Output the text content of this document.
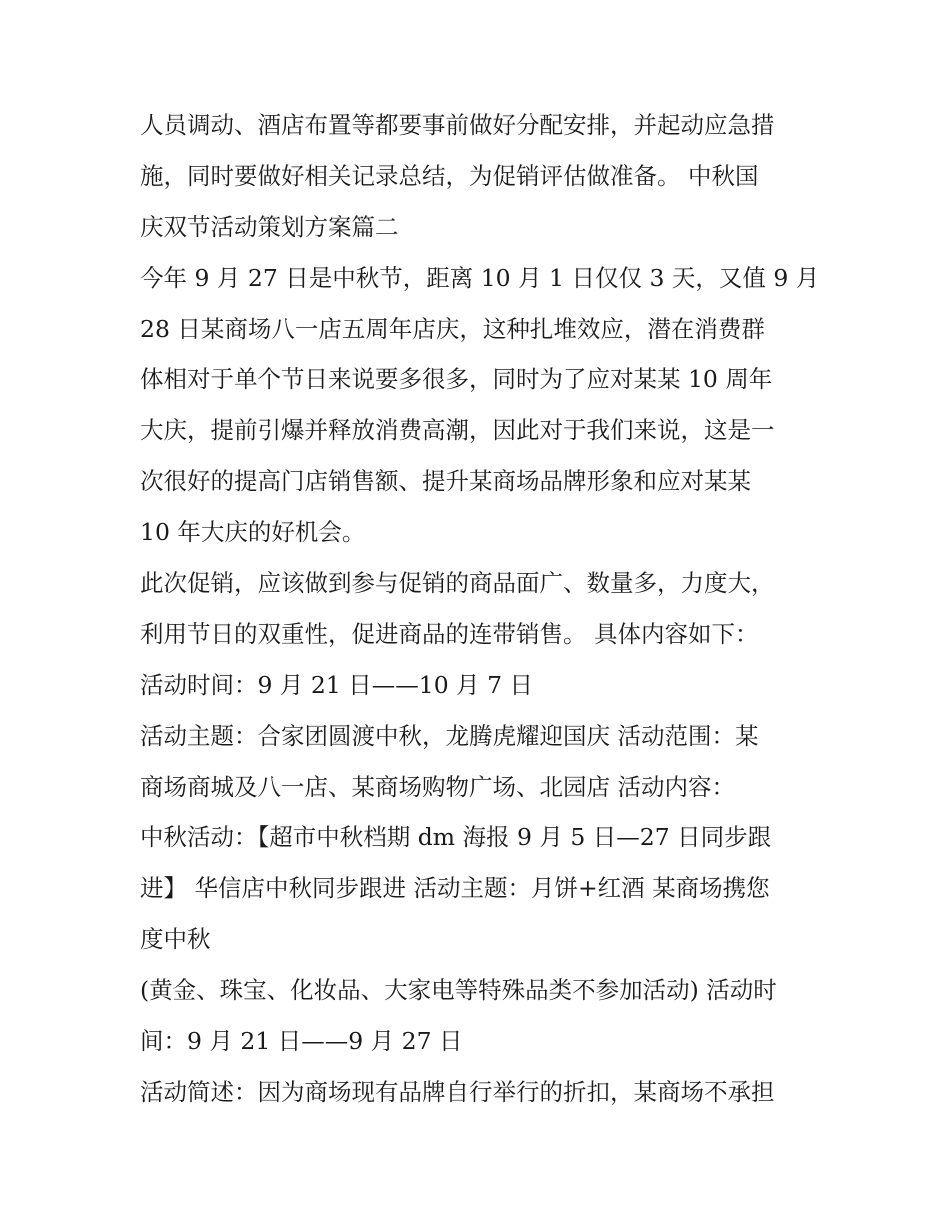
人员调动、酒店布置等都要事前做好分配安排，并起动应急措
施，同时要做好相关记录总结，为促销评估做准备。 中秋国
庆双节活动策划方案篇二
今年 9 月 27 日是中秋节，距离 10 月 1 日仅仅 3 天，又值 9 月
28 日某商场八一店五周年店庆，这种扎堆效应，潜在消费群
体相对于单个节日来说要多很多，同时为了应对某某 10 周年
大庆，提前引爆并释放消费高潮，因此对于我们来说，这是一
次很好的提高门店销售额、提升某商场品牌形象和应对某某
10 年大庆的好机会。
此次促销，应该做到参与促销的商品面广、数量多，力度大，
利用节日的双重性，促进商品的连带销售。 具体内容如下：
活动时间：9 月 21 日——10 月 7 日
活动主题：合家团圆渡中秋，龙腾虎耀迎国庆 活动范围：某
商场商城及八一店、某商场购物广场、北园店 活动内容：
中秋活动：【超市中秋档期 dm 海报 9 月 5 日—27 日同步跟
进】 华信店中秋同步跟进 活动主题：月饼+红酒 某商场携您
度中秋
(黄金、珠宝、化妆品、大家电等特殊品类不参加活动) 活动时
间：9 月 21 日——9 月 27 日
活动简述：因为商场现有品牌自行举行的折扣，某商场不承担
